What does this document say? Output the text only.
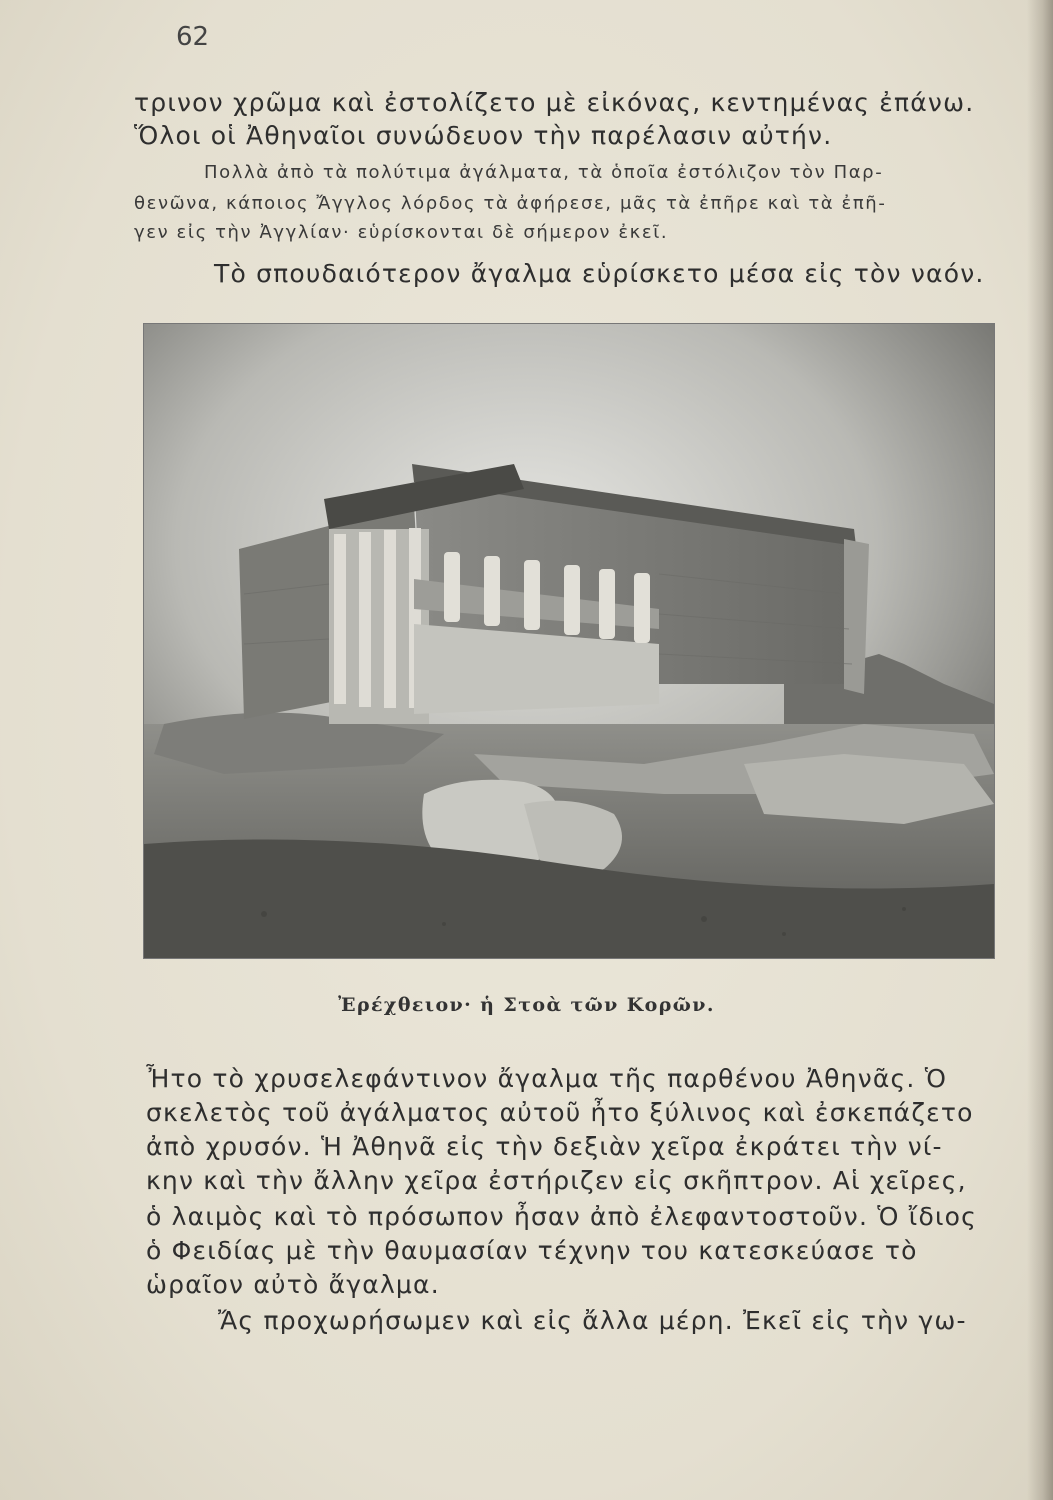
62

τρινον χρῶμα καὶ ἐστολίζετο μὲ εἰκόνας, κεντημένας ἐπάνω.

Ὅλοι οἱ Ἀθηναῖοι συνώδευον τὴν παρέλασιν αὐτήν.

Πολλὰ ἀπὸ τὰ πολύτιμα ἀγάλματα, τὰ ὁποῖα ἐστόλιζον τὸν Παρ-

θενῶνα, κάποιος Ἄγγλος λόρδος τὰ ἀφήρεσε, μᾶς τὰ ἐπῆρε καὶ τὰ ἐπῆ-

γεν εἰς τὴν Ἀγγλίαν· εὑρίσκονται δὲ σήμερον ἐκεῖ.

Τὸ σπουδαιότερον ἄγαλμα εὑρίσκετο μέσα εἰς τὸν ναόν.

Ἐρέχθειον· ἡ Στοὰ τῶν Κορῶν.

Ἦτο τὸ χρυσελεφάντινον ἄγαλμα τῆς παρθένου Ἀθηνᾶς. Ὁ

σκελετὸς τοῦ ἀγάλματος αὐτοῦ ἦτο ξύλινος καὶ ἐσκεπάζετο

ἀπὸ χρυσόν. Ἡ Ἀθηνᾶ εἰς τὴν δεξιὰν χεῖρα ἐκράτει τὴν νί-

κην καὶ τὴν ἄλλην χεῖρα ἐστήριζεν εἰς σκῆπτρον. Αἱ χεῖρες,

ὁ λαιμὸς καὶ τὸ πρόσωπον ἦσαν ἀπὸ ἐλεφαντοστοῦν. Ὁ ἴδιος

ὁ Φειδίας μὲ τὴν θαυμασίαν τέχνην του κατεσκεύασε τὸ

ὡραῖον αὐτὸ ἄγαλμα.

Ἄς προχωρήσωμεν καὶ εἰς ἄλλα μέρη. Ἐκεῖ εἰς τὴν γω-
